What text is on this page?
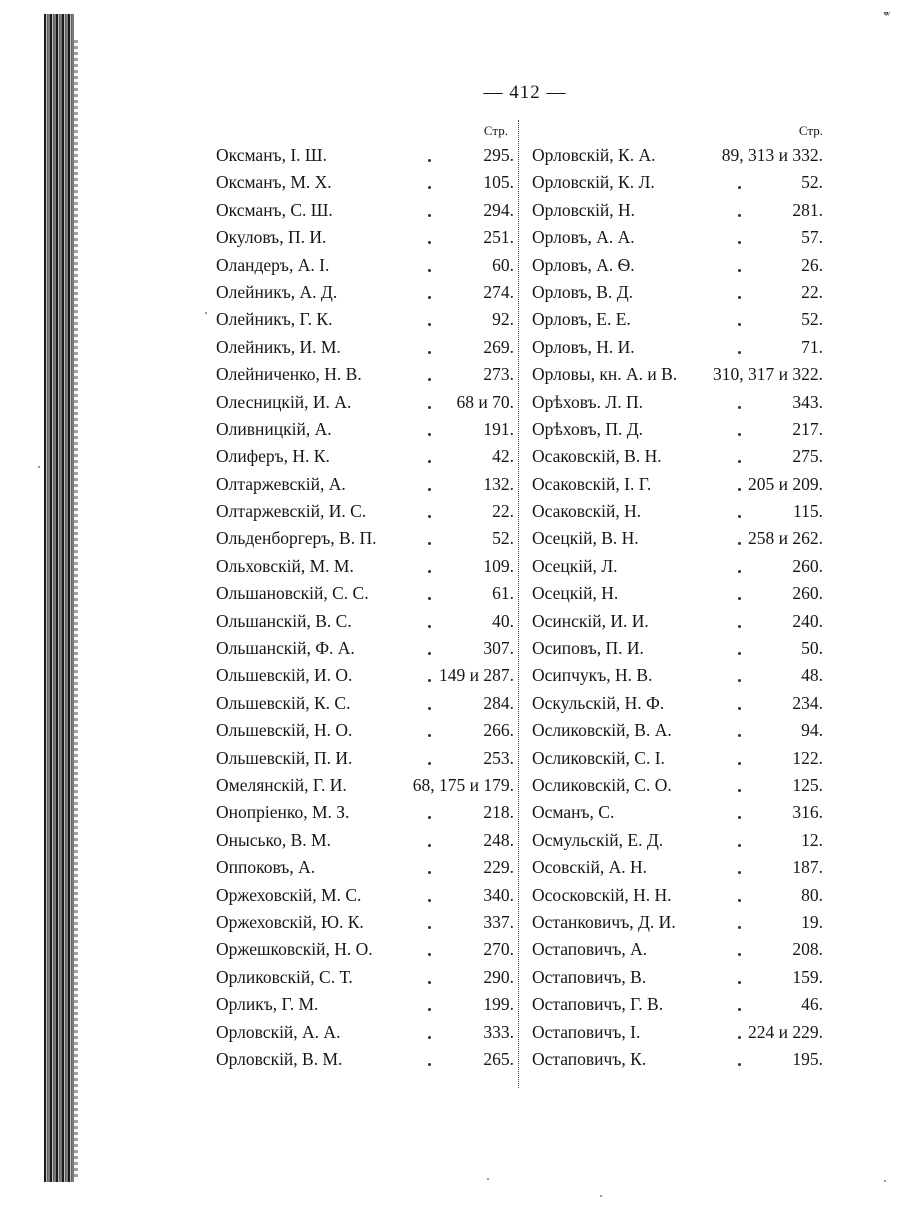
ᵛᵛᵛ
— 412 —
Стр.	Стр.
Оксманъ, I. Ш.	295.
Оксманъ, М. Х.	105.
Оксманъ, С. Ш.	294.
Окуловъ, П. И.	251.
Оландеръ, А. I.	60.
Олейникъ, А. Д.	274.
Олейникъ, Г. К.	92.
Олейникъ, И. М.	269.
Олейниченко, Н. В.	273.
Олесницкій, И. А.	68 и 70.
Оливницкій, А.	191.
Олиферъ, Н. К.	42.
Олтаржевскій, А.	132.
Олтаржевскій, И. С.	22.
Ольденборгеръ, В. П.	52.
Ольховскій, М. М.	109.
Ольшановскій, С. С.	61.
Ольшанскій, В. С.	40.
Ольшанскій, Ф. А.	307.
Ольшевскій, И. О.	149 и 287.
Ольшевскій, К. С.	284.
Ольшевскій, Н. О.	266.
Ольшевскій, П. И.	253.
Омелянскій, Г. И.	68, 175 и 179.
Онопріенко, М. З.	218.
Онысько, В. М.	248.
Оппоковъ, А.	229.
Оржеховскій, М. С.	340.
Оржеховскій, Ю. К.	337.
Оржешковскій, Н. О.	270.
Орликовскій, С. Т.	290.
Орликъ, Г. М.	199.
Орловскій, А. А.	333.
Орловскій, В. М.	265.
Орловскій, К. А.	89, 313 и 332.
Орловскій, К. Л.	52.
Орловскій, Н.	281.
Орловъ, А. А.	57.
Орловъ, А. Ѳ.	26.
Орловъ, В. Д.	22.
Орловъ, Е. Е.	52.
Орловъ, Н. И.	71.
Орловы, кн. А. и В. 310, 317 и 322.
Орѣховъ. Л. П.	343.
Орѣховъ, П. Д.	217.
Осаковскій, В. Н.	275.
Осаковскій, I. Г.	205 и 209.
Осаковскій, Н.	115.
Осецкій, В. Н.	258 и 262.
Осецкій, Л.	260.
Осецкій, Н.	260.
Осинскій, И. И.	240.
Осиповъ, П. И.	50.
Осипчукъ, Н. В.	48.
Оскульскій, Н. Ф.	234.
Осликовскій, В. А.	94.
Осликовскій, С. I.	122.
Осликовскій, С. О.	125.
Османъ, С.	316.
Осмульскій, Е. Д.	12.
Осовскій, А. Н.	187.
Ососковскій, Н. Н.	80.
Останковичъ, Д. И.	19.
Остаповичъ, А.	208.
Остаповичъ, В.	159.
Остаповичъ, Г. В.	46.
Остаповичъ, I.	224 и 229.
Остаповичъ, К.	195.
